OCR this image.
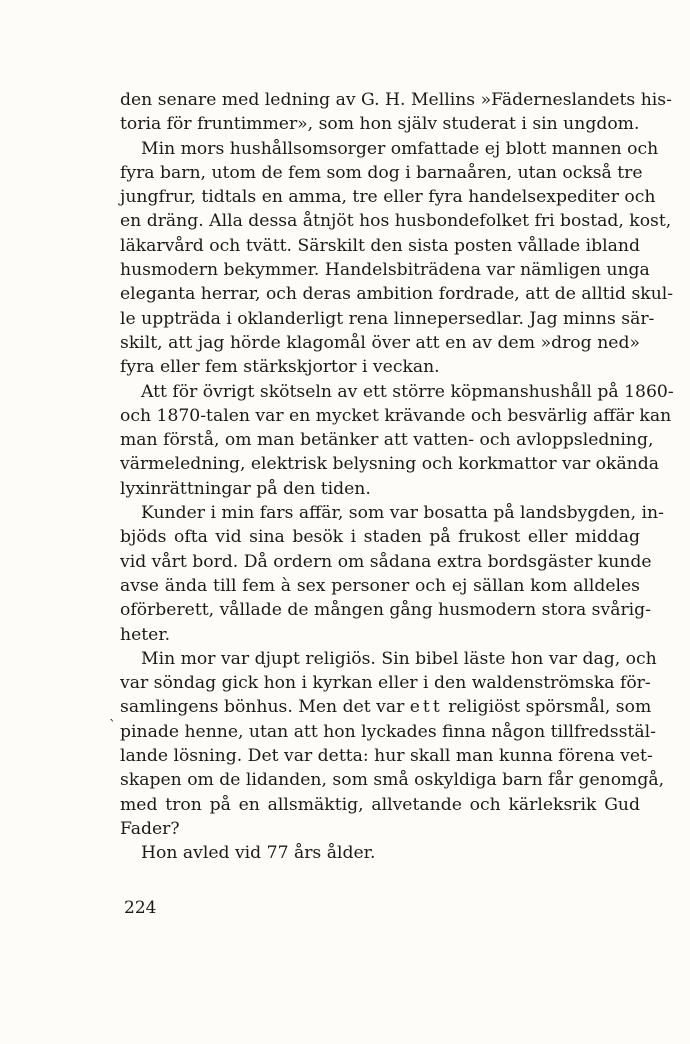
den senare med ledning av G. H. Mellins »Fäderneslandets his-
toria för fruntimmer», som hon själv studerat i sin ungdom.
Min mors hushållsomsorger omfattade ej blott mannen och
fyra barn, utom de fem som dog i barnaåren, utan också tre
jungfrur, tidtals en amma, tre eller fyra handelsexpediter och
en dräng. Alla dessa åtnjöt hos husbondefolket fri bostad, kost,
läkarvård och tvätt. Särskilt den sista posten vållade ibland
husmodern bekymmer. Handelsbiträdena var nämligen unga
eleganta herrar, och deras ambition fordrade, att de alltid skul-
le uppträda i oklanderligt rena linnepersedlar. Jag minns sär-
skilt, att jag hörde klagomål över att en av dem »drog ned»
fyra eller fem stärkskjortor i veckan.
Att för övrigt skötseln av ett större köpmanshushåll på 1860-
och 1870-talen var en mycket krävande och besvärlig affär kan
man förstå, om man betänker att vatten- och avloppsledning,
värmeledning, elektrisk belysning och korkmattor var okända
lyxinrättningar på den tiden.
Kunder i min fars affär, som var bosatta på landsbygden, in-
bjöds ofta vid sina besök i staden på frukost eller middag
vid vårt bord. Då ordern om sådana extra bordsgäster kunde
avse ända till fem à sex personer och ej sällan kom alldeles
oförberett, vållade de mången gång husmodern stora svårig-
heter.
Min mor var djupt religiös. Sin bibel läste hon var dag, och
var söndag gick hon i kyrkan eller i den waldenströmska för-
samlingens bönhus. Men det var ett religiöst spörsmål, som
pinade henne, utan att hon lyckades finna någon tillfredsstäl-
lande lösning. Det var detta: hur skall man kunna förena vet-
skapen om de lidanden, som små oskyldiga barn får genomgå,
med tron på en allsmäktig, allvetande och kärleksrik Gud
Fader?
Hon avled vid 77 års ålder.
`
224
